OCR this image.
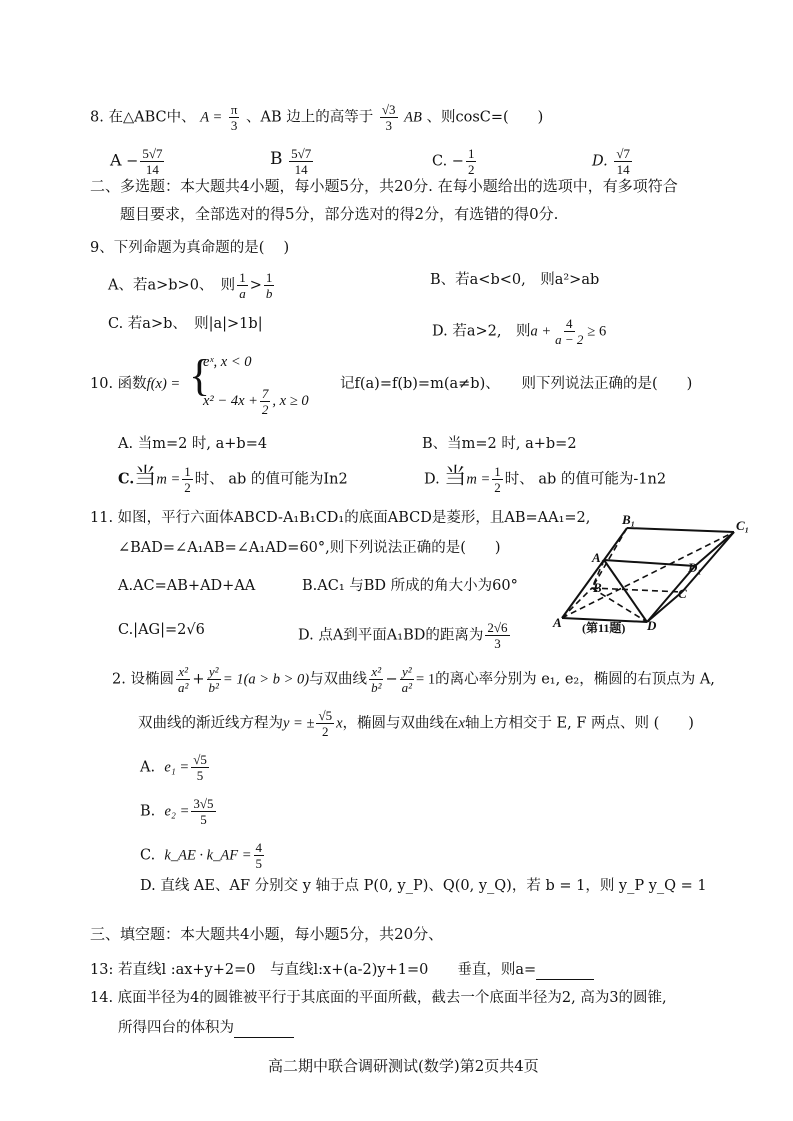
8. 在△ABC中、 $A = \frac{\pi}{3}$ 、AB 边上的高等于 $\frac{√3}{3}$ AB 、则cosC=(　　)
$A - \frac{5√7}{14}$	B $\frac{5√7}{14}$	C. − $\frac{1}{2}$	D. $\frac{√7}{14}$
二、多选题：本大题共4小题，每小题5分，共20分. 在每小题给出的选项中，有多项符合
题目要求，全部选对的得5分，部分选对的得2分，有选错的得0分.
9、下列命题为真命题的是(　 )
A、若a>b>0、　则 $\frac{1}{a} > \frac{1}{b}$	B、若a<b<0,　则a²>ab
C. 若a>b、　则|a|>1b|	D. 若a>2,　则$a + \frac{4}{a - 2} \ge 6$
10. 函数f(x) = {
eˣ, x < 0
$x^2 - 4x + \frac{7}{2}$ , x ≥ 0
记f(a)=f(b)=m(a≠b)、　　则下列说法正确的是(　　)
A. 当m=2 时, a+b=4	B、当m=2 时, a+b=2
C.当$m = \frac{1}{2}$ 时、 ab 的值可能为In2	D. 当$m = \frac{1}{2}$ 时、 ab 的值可能为-1n2
11. 如图，平行六面体ABCD-A₁B₁CD₁的底面ABCD是菱形，且AB=AA₁=2,
∠BAD=∠A₁AB=∠A₁AD=60°,则下列说法正确的是(　　)
A.AC=AB+AD+AA	B.AC₁ 与BD 所成的角大小为60°
C.|AG|=2√6	D. 点A到平面A₁BD的距离为 $\frac{2√6}{3}$
B₁	C₁
A₁
D₁
B	C
A	D
(第11题)
2. 设椭圆 $\frac{\text{x²}}{\text{a²}} + \frac{\text{y²}}{\text{b²}} = 1(a > b > 0)$与双曲线 $\frac{\text{x²}}{\text{b²}} - \frac{\text{y²}}{\text{a²}} = 1$的离心率分别为 e₁, e₂，椭圆的右顶点为 A,
双曲线的渐近线方程为y = ± $\frac{√5}{2}$ x，椭圆与双曲线在x轴上方相交于 E, F 两点、则 (　　)
A. $e_1 = \frac{√5}{5}$
B. $e_2 = \frac{3√5}{5}$
C. k_AE · k_AF = $\frac{4}{5}$
D. 直线 AE、AF 分别交 y 轴于点 P(0, y_P)、Q(0, y_Q)，若 b = 1，则 y_P y_Q = 1
三、填空题：本大题共4小题，每小题5分，共20分、
13: 若直线l :ax+y+2=0　与直线l:x+(a-2)y+1=0　　垂直，则a=
14. 底面半径为4的圆锥被平行于其底面的平面所截，截去一个底面半径为2, 高为3的圆锥,
所得四台的体积为
高二期中联合调研测试(数学)第2页共4页
